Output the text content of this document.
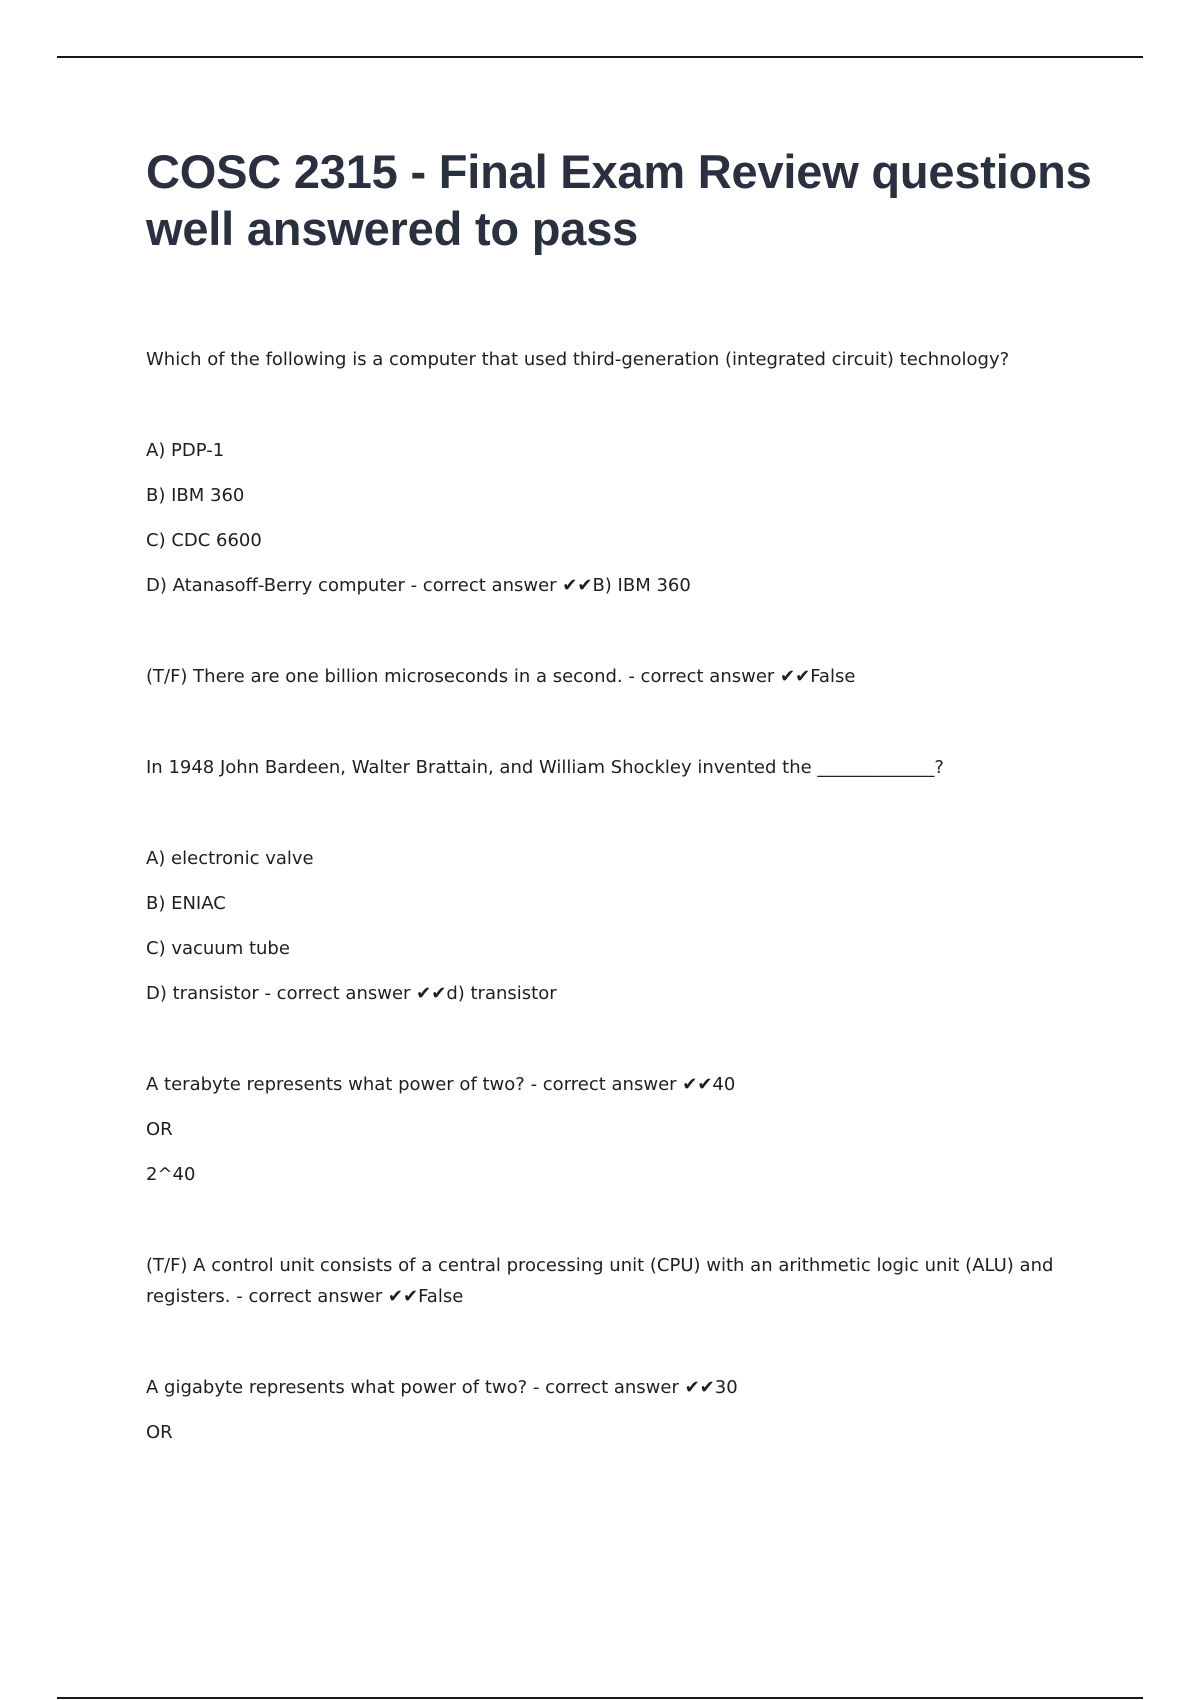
COSC 2315 - Final Exam Review questions well answered to pass

Which of the following is a computer that used third-generation (integrated circuit) technology?

A) PDP-1

B) IBM 360

C) CDC 6600

D) Atanasoff-Berry computer - correct answer ✔✔B) IBM 360

(T/F) There are one billion microseconds in a second. - correct answer ✔✔False

In 1948 John Bardeen, Walter Brattain, and William Shockley invented the _____________?

A) electronic valve

B) ENIAC

C) vacuum tube

D) transistor - correct answer ✔✔d) transistor

A terabyte represents what power of two? - correct answer ✔✔40

OR

2^40

(T/F) A control unit consists of a central processing unit (CPU) with an arithmetic logic unit (ALU) and registers. - correct answer ✔✔False

A gigabyte represents what power of two? - correct answer ✔✔30

OR
